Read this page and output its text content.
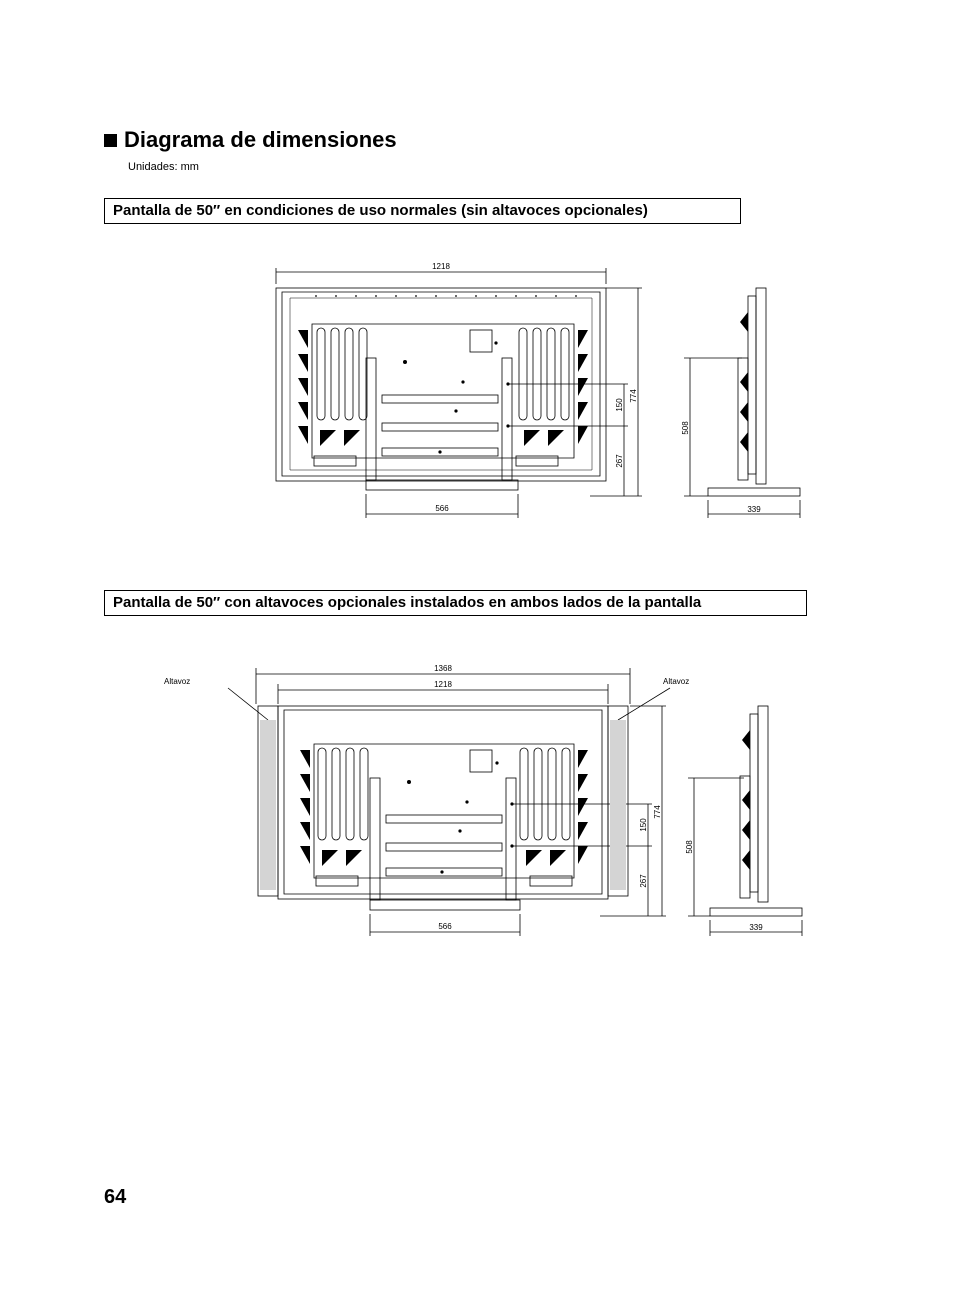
Diagrama de dimensiones
Unidades: mm
Pantalla de 50″ en condiciones de uso normales (sin altavoces opcionales)
1218
566
774
150
267
508
339
Pantalla de 50″ con altavoces opcionales instalados en ambos lados de la pantalla
1368
1218
566
774
150
267
Altavoz	Altavoz
508
339
64
